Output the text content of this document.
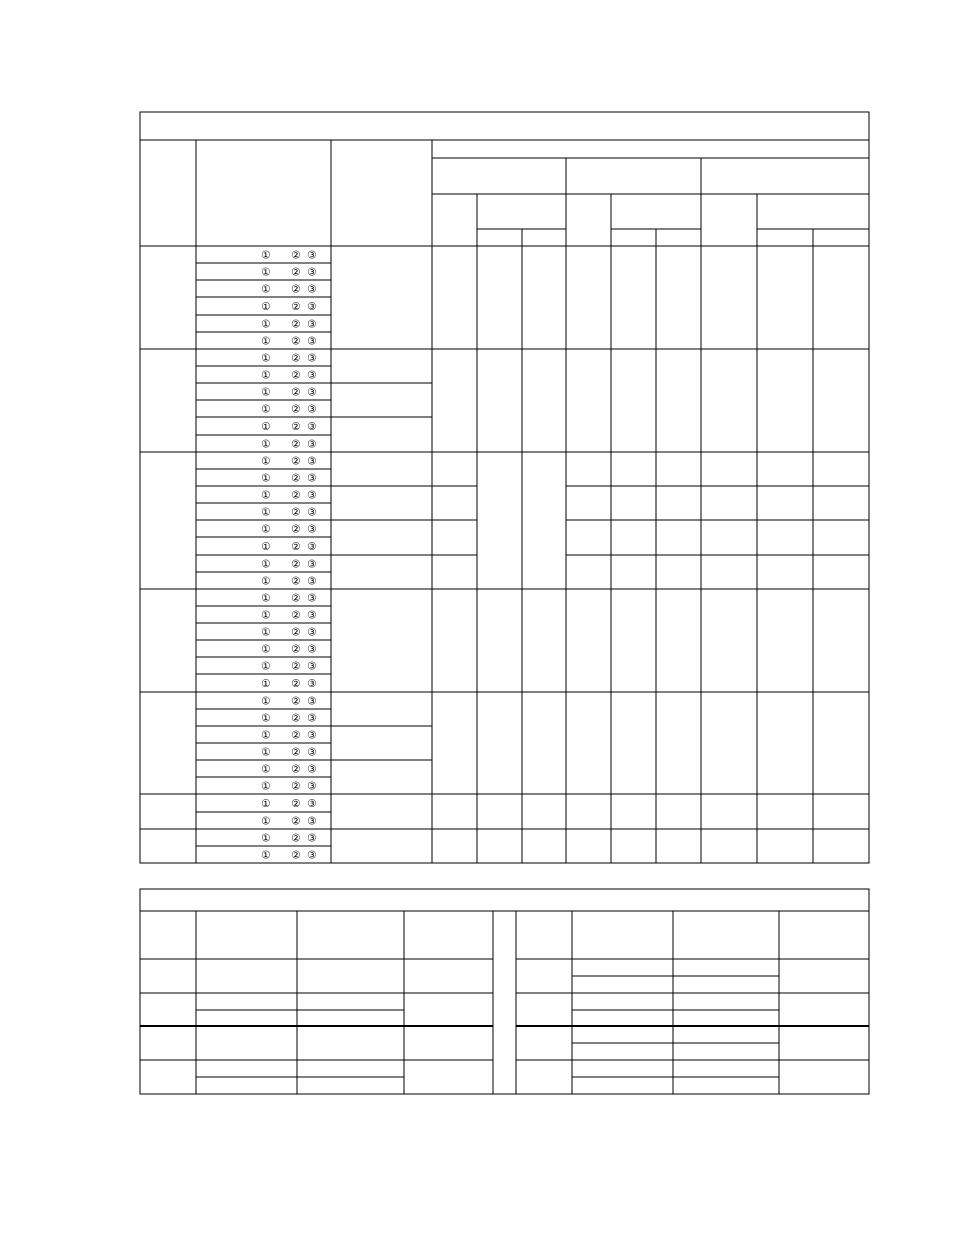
① ② ③
① ② ③
① ② ③
① ② ③
① ② ③
① ② ③
① ② ③
① ② ③
① ② ③
① ② ③
① ② ③
① ② ③
① ② ③
① ② ③
① ② ③
① ② ③
① ② ③
① ② ③
① ② ③
① ② ③
① ② ③
① ② ③
① ② ③
① ② ③
① ② ③
① ② ③
① ② ③
① ② ③
① ② ③
① ② ③
① ② ③
① ② ③
① ② ③
① ② ③
① ② ③
① ② ③
